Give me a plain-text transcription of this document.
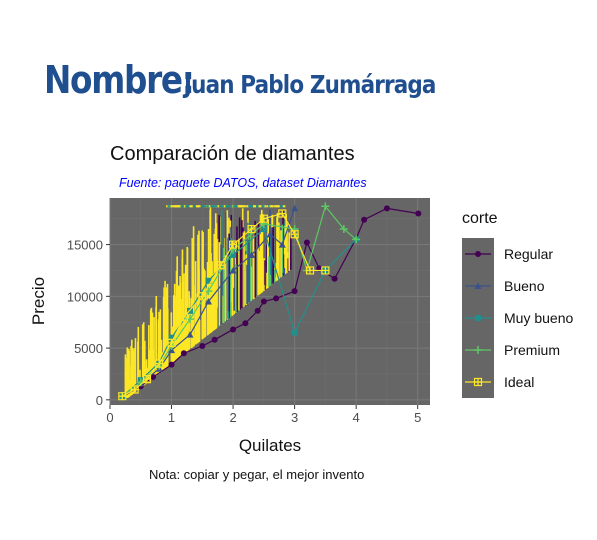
Nombre:
Juan Pablo Zumárraga
Comparación de diamantes
Fuente: paquete DATOS, dataset Diamantes
0	1	2	3	4	5
0
5000
10000
15000
Quilates
Precio
Nota: copiar y pegar, el mejor invento
corte
Regular
Bueno
Muy bueno
Premium
Ideal
